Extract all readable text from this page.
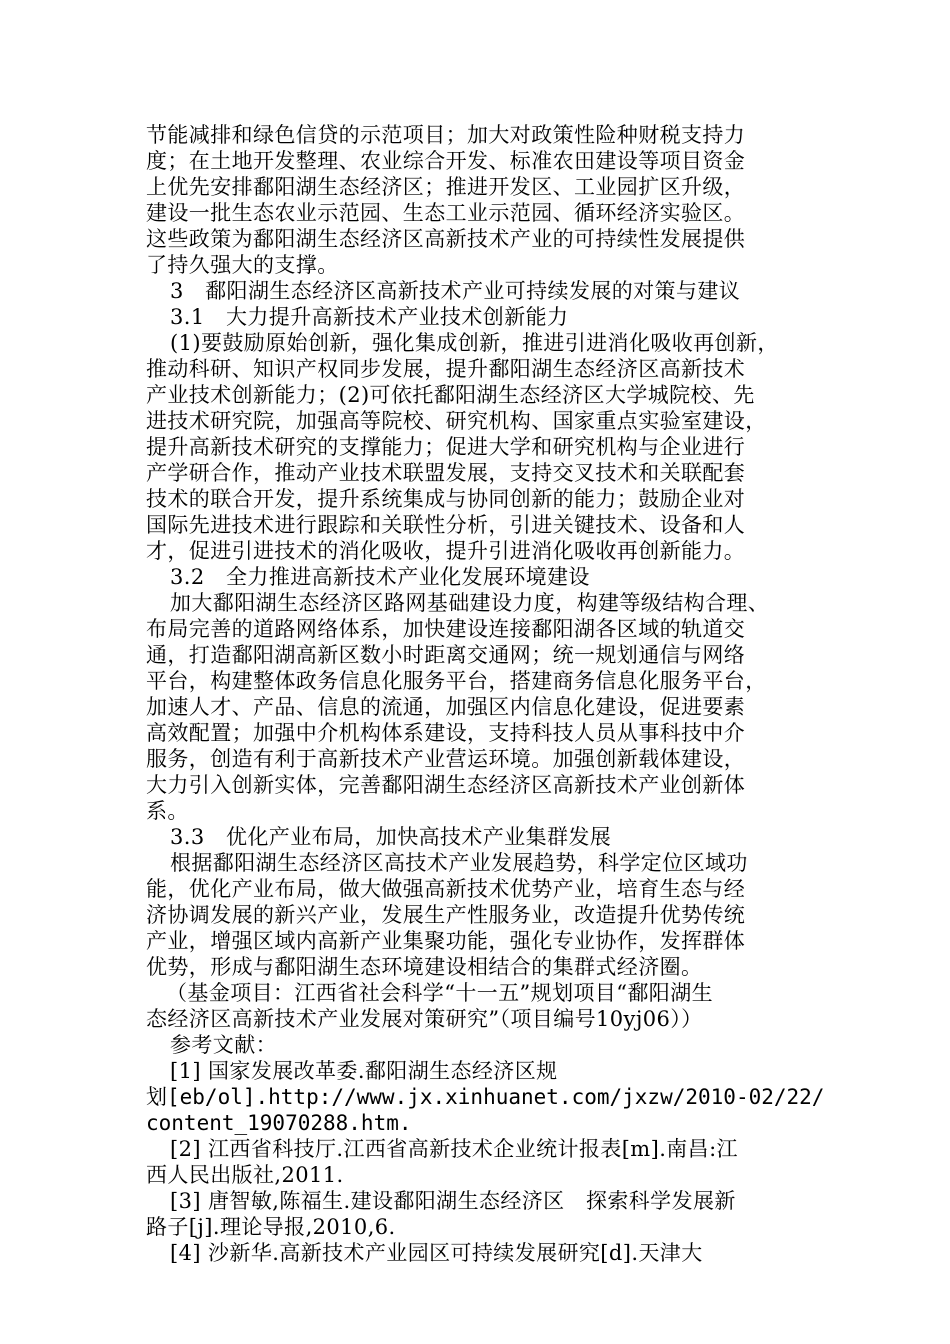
节能减排和绿色信贷的示范项目；加大对政策性险种财税支持力
度；在土地开发整理、农业综合开发、标准农田建设等项目资金
上优先安排鄱阳湖生态经济区；推进开发区、工业园扩区升级，
建设一批生态农业示范园、生态工业示范园、循环经济实验区。
这些政策为鄱阳湖生态经济区高新技术产业的可持续性发展提供
了持久强大的支撑。
3　鄱阳湖生态经济区高新技术产业可持续发展的对策与建议
3.1　大力提升高新技术产业技术创新能力
(1)要鼓励原始创新，强化集成创新，推进引进消化吸收再创新，
推动科研、知识产权同步发展，提升鄱阳湖生态经济区高新技术
产业技术创新能力；(2)可依托鄱阳湖生态经济区大学城院校、先
进技术研究院，加强高等院校、研究机构、国家重点实验室建设，
提升高新技术研究的支撑能力；促进大学和研究机构与企业进行
产学研合作，推动产业技术联盟发展，支持交叉技术和关联配套
技术的联合开发，提升系统集成与协同创新的能力；鼓励企业对
国际先进技术进行跟踪和关联性分析，引进关键技术、设备和人
才，促进引进技术的消化吸收，提升引进消化吸收再创新能力。
3.2　全力推进高新技术产业化发展环境建设
加大鄱阳湖生态经济区路网基础建设力度，构建等级结构合理、
布局完善的道路网络体系，加快建设连接鄱阳湖各区域的轨道交
通，打造鄱阳湖高新区数小时距离交通网；统一规划通信与网络
平台，构建整体政务信息化服务平台，搭建商务信息化服务平台，
加速人才、产品、信息的流通，加强区内信息化建设，促进要素
高效配置；加强中介机构体系建设，支持科技人员从事科技中介
服务，创造有利于高新技术产业营运环境。加强创新载体建设，
大力引入创新实体，完善鄱阳湖生态经济区高新技术产业创新体
系。
3.3　优化产业布局，加快高技术产业集群发展
根据鄱阳湖生态经济区高技术产业发展趋势，科学定位区域功
能，优化产业布局，做大做强高新技术优势产业，培育生态与经
济协调发展的新兴产业，发展生产性服务业，改造提升优势传统
产业，增强区域内高新产业集聚功能，强化专业协作，发挥群体
优势，形成与鄱阳湖生态环境建设相结合的集群式经济圈。
（基金项目：江西省社会科学“十一五”规划项目“鄱阳湖生
态经济区高新技术产业发展对策研究”（项目编号10yj06））
参考文献：
[1] 国家发展改革委.鄱阳湖生态经济区规
划[eb/ol].http://www.jx.xinhuanet.com/jxzw/2010-02/22/
content_19070288.htm.
[2] 江西省科技厅.江西省高新技术企业统计报表[m].南昌:江
西人民出版社,2011.
[3] 唐智敏,陈福生.建设鄱阳湖生态经济区　探索科学发展新
路子[j].理论导报,2010,6.
[4] 沙新华.高新技术产业园区可持续发展研究[d].天津大
